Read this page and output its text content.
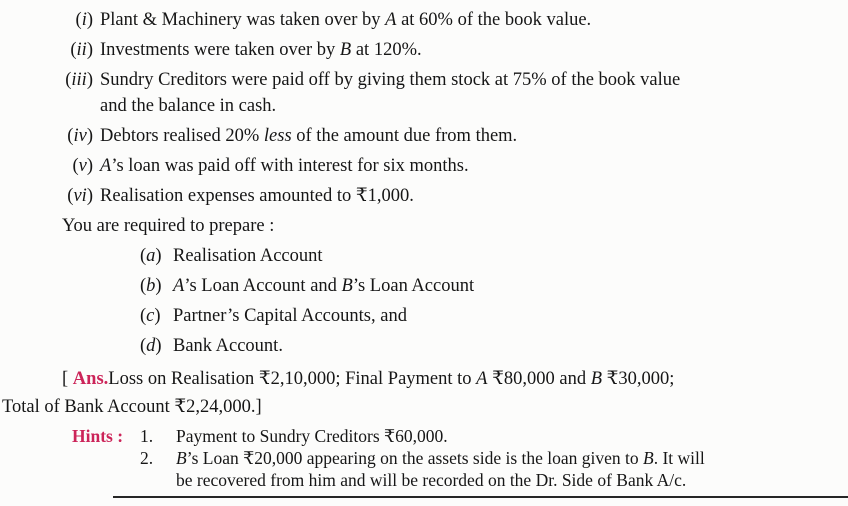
(i) Plant & Machinery was taken over by A at 60% of the book value.
(ii) Investments were taken over by B at 120%.
(iii) Sundry Creditors were paid off by giving them stock at 75% of the book value
and the balance in cash.
(iv) Debtors realised 20% less of the amount due from them.
(v) A’s loan was paid off with interest for six months.
(vi) Realisation expenses amounted to ₹1,000.

You are required to prepare :

(a) Realisation Account
(b) A’s Loan Account and B’s Loan Account
(c) Partner’s Capital Accounts, and
(d) Bank Account.

[ Ans.Loss on Realisation ₹2,10,000; Final Payment to A ₹80,000 and B ₹30,000;
Total of Bank Account ₹2,24,000.]

Hints : 1.	Payment to Sundry Creditors ₹60,000.
2.	B’s Loan ₹20,000 appearing on the assets side is the loan given to B. It will
be recovered from him and will be recorded on the Dr. Side of Bank A/c.
